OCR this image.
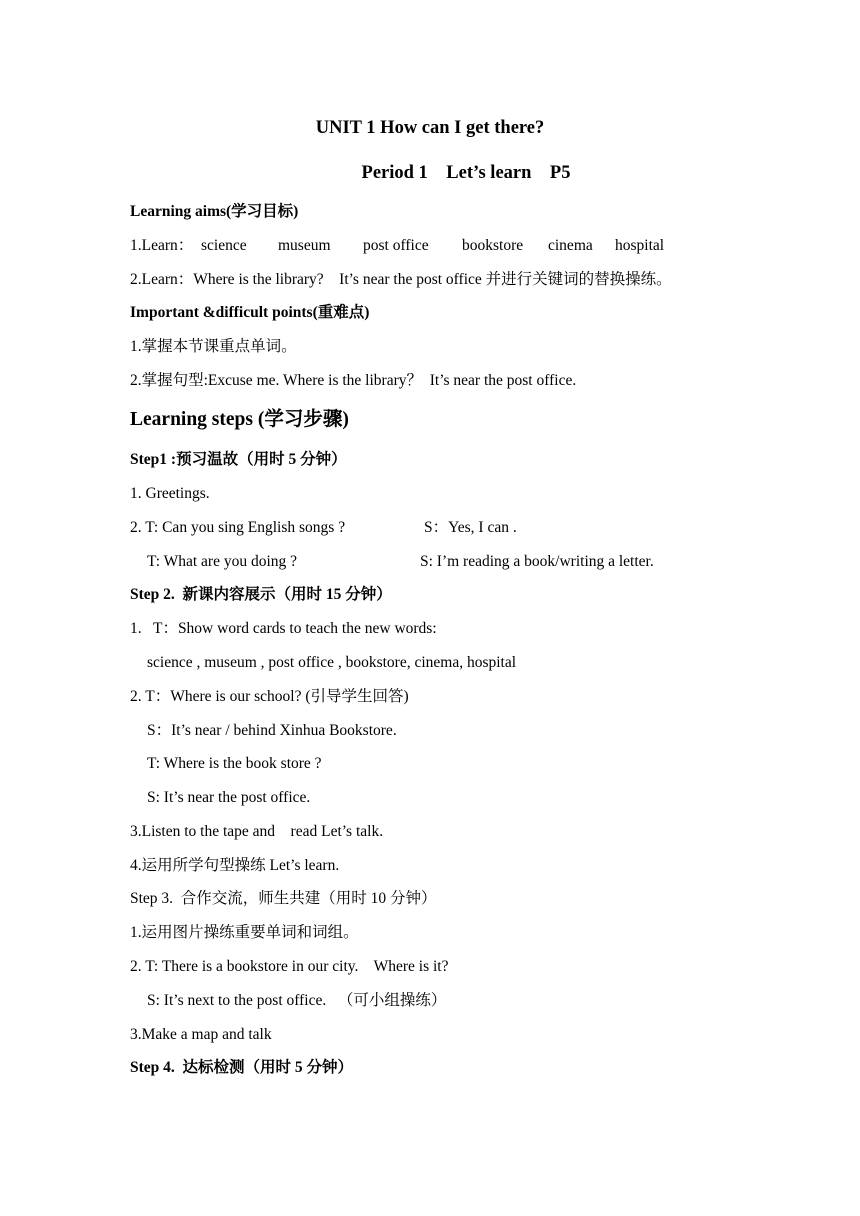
UNIT 1 How can I get there?
Period 1    Let’s learn    P5
Learning aims(学习目标)

1.Learn：

science

museum

post office

bookstore

cinema

hospital

2.Learn：Where is the library?    It’s near the post office 并进行关键词的替换操练。
Important &difficult points(重难点)
1.掌握本节课重点单词。
2.掌握句型:Excuse me. Where is the library？  It’s near the post office.
Learning steps (学习步骤)
Step1 :预习温故（用时 5 分钟）
1. Greetings.
2. T: Can you sing English songs ?	S：Yes, I can .
T: What are you doing ?	S: I’m reading a book/writing a letter.
Step 2.  新课内容展示（用时 15 分钟）
1.   T：Show word cards to teach the new words:
science , museum , post office , bookstore, cinema, hospital
2. T：Where is our school? (引导学生回答)
S：It’s near / behind Xinhua Bookstore.
T: Where is the book store ?
S: It’s near the post office.
3.Listen to the tape and    read Let’s talk.
4.运用所学句型操练 Let’s learn.
Step 3.  合作交流，师生共建（用时 10 分钟）
1.运用图片操练重要单词和词组。
2. T: There is a bookstore in our city.    Where is it?
S: It’s next to the post office.   （可小组操练）
3.Make a map and talk
Step 4.  达标检测（用时 5 分钟）
